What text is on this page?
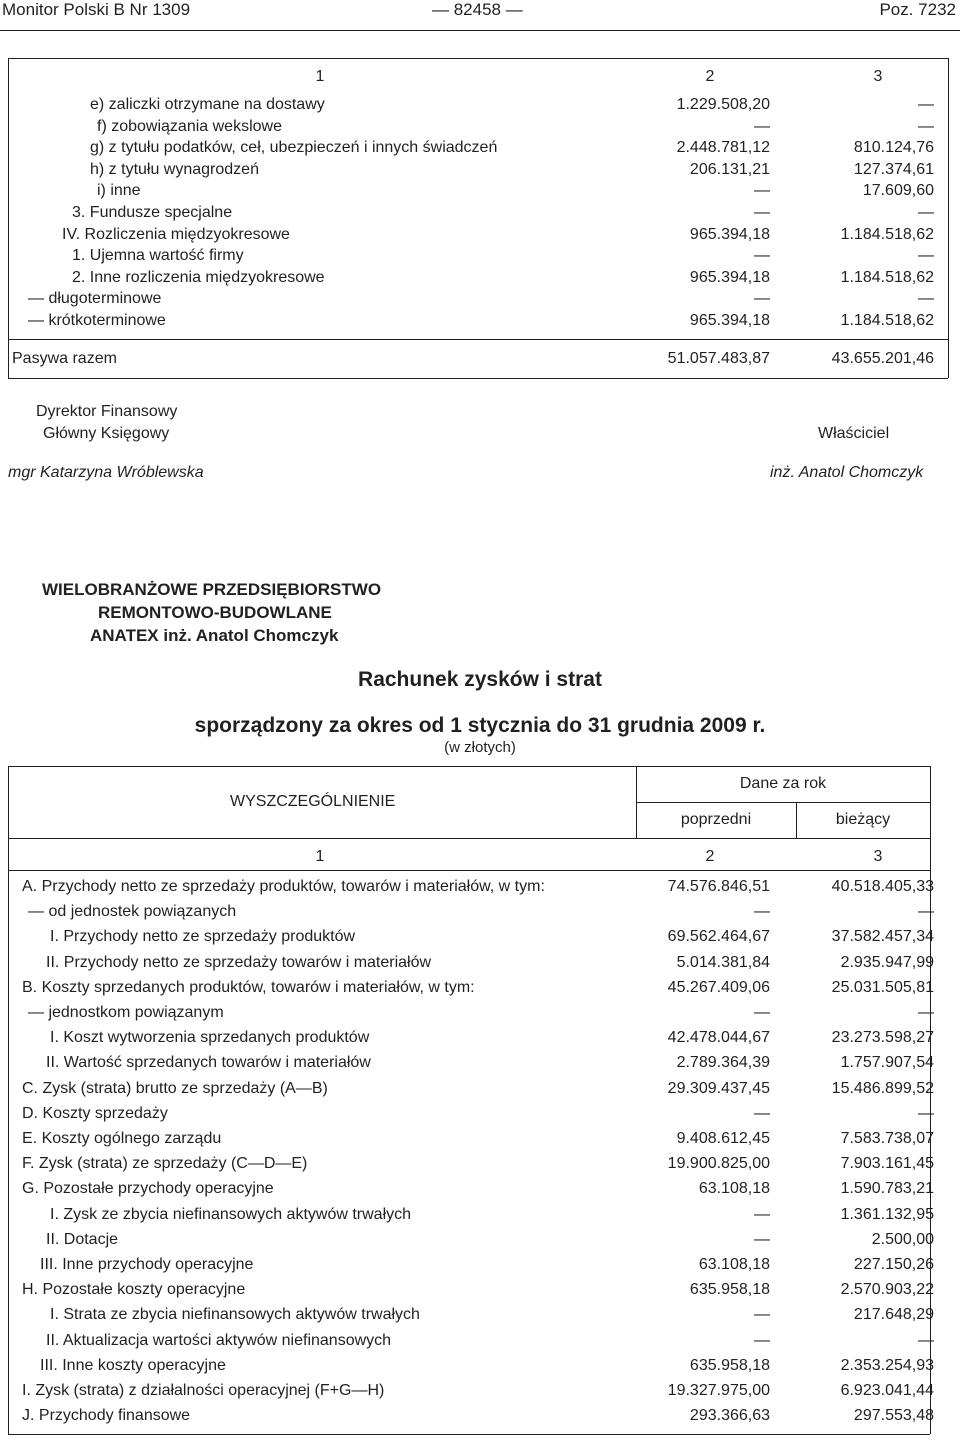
Monitor Polski B Nr 1309	— 82458 —	Poz. 7232
1	2	3
e) zaliczki otrzymane na dostawy	1.229.508,20	—
f) zobowiązania wekslowe	—	—
g) z tytułu podatków, ceł, ubezpieczeń i innych świadczeń	2.448.781,12	810.124,76
h) z tytułu wynagrodzeń	206.131,21	127.374,61
i) inne	—	17.609,60
3. Fundusze specjalne	—	—
IV. Rozliczenia międzyokresowe	965.394,18	1.184.518,62
1. Ujemna wartość firmy	—	—
2. Inne rozliczenia międzyokresowe	965.394,18	1.184.518,62
— długoterminowe	—	—
— krótkoterminowe	965.394,18	1.184.518,62
Pasywa razem	51.057.483,87	43.655.201,46
Dyrektor Finansowy
Główny Księgowy
mgr Katarzyna Wróblewska
Właściciel
inż. Anatol Chomczyk
WIELOBRANŻOWE PRZEDSIĘBIORSTWO
REMONTOWO-BUDOWLANE
ANATEX inż. Anatol Chomczyk
Rachunek zysków i strat
sporządzony za okres od 1 stycznia do 31 grudnia 2009 r.
(w złotych)
WYSZCZEGÓLNIENIE
Dane za rok
poprzedni	bieżący
1	2	3
A. Przychody netto ze sprzedaży produktów, towarów i materiałów, w tym:	74.576.846,51	40.518.405,33
— od jednostek powiązanych	—	—
I. Przychody netto ze sprzedaży produktów	69.562.464,67	37.582.457,34
II. Przychody netto ze sprzedaży towarów i materiałów	5.014.381,84	2.935.947,99
B. Koszty sprzedanych produktów, towarów i materiałów, w tym:	45.267.409,06	25.031.505,81
— jednostkom powiązanym	—	—
I. Koszt wytworzenia sprzedanych produktów	42.478.044,67	23.273.598,27
II. Wartość sprzedanych towarów i materiałów	2.789.364,39	1.757.907,54
C. Zysk (strata) brutto ze sprzedaży (A—B)	29.309.437,45	15.486.899,52
D. Koszty sprzedaży	—	—
E. Koszty ogólnego zarządu	9.408.612,45	7.583.738,07
F. Zysk (strata) ze sprzedaży (C—D—E)	19.900.825,00	7.903.161,45
G. Pozostałe przychody operacyjne	63.108,18	1.590.783,21
I. Zysk ze zbycia niefinansowych aktywów trwałych	—	1.361.132,95
II. Dotacje	—	2.500,00
III. Inne przychody operacyjne	63.108,18	227.150,26
H. Pozostałe koszty operacyjne	635.958,18	2.570.903,22
I. Strata ze zbycia niefinansowych aktywów trwałych	—	217.648,29
II. Aktualizacja wartości aktywów niefinansowych	—	—
III. Inne koszty operacyjne	635.958,18	2.353.254,93
I. Zysk (strata) z działalności operacyjnej (F+G—H)	19.327.975,00	6.923.041,44
J. Przychody finansowe	293.366,63	297.553,48
